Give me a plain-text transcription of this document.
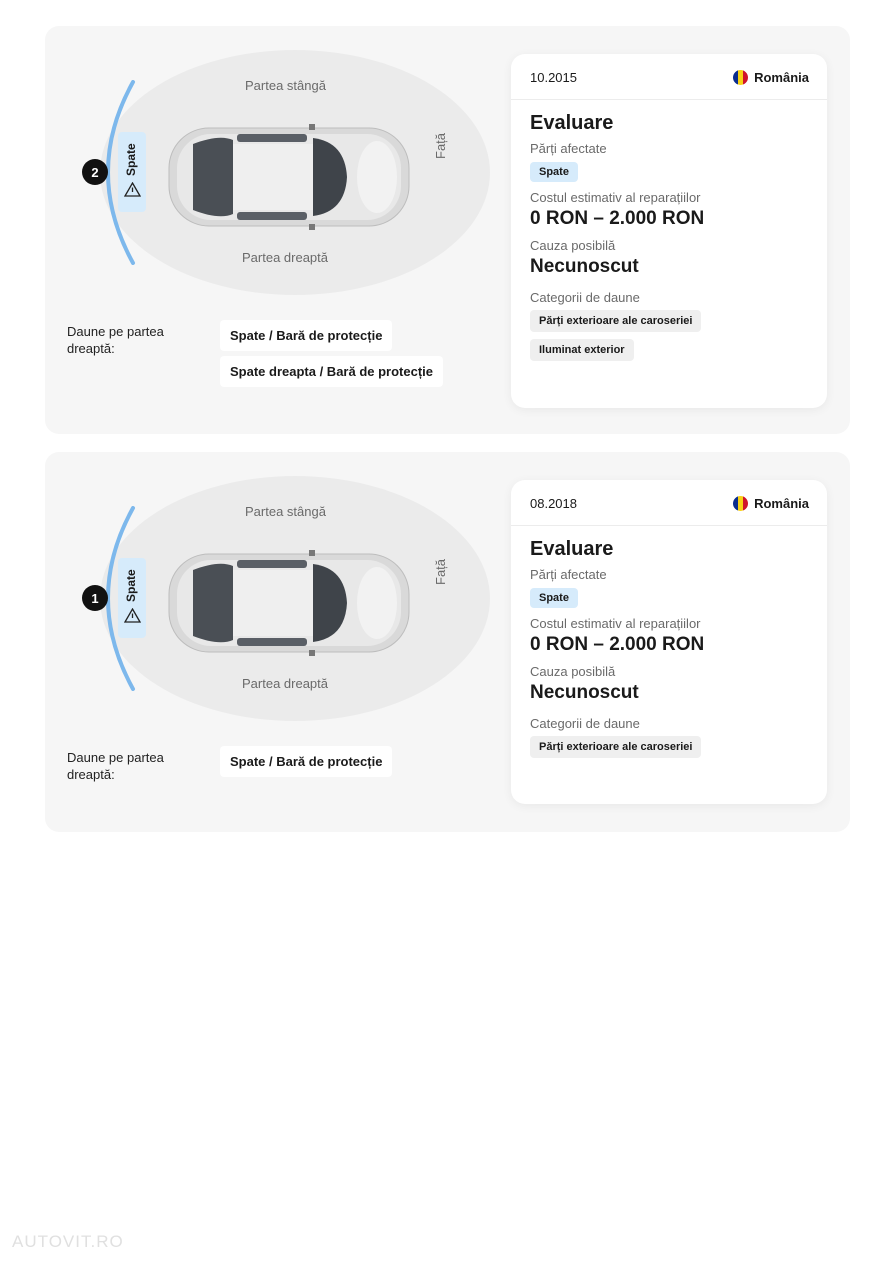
Partea stângă
Partea dreaptă
Față
Spate
2
Daune pe partea dreaptă:
Spate / Bară de protecție
Spate dreapta / Bară de protecție
10.2015	România
Evaluare
Părți afectate
Spate
Costul estimativ al reparațiilor
0 RON – 2.000 RON
Cauza posibilă
Necunoscut
Categorii de daune
Părți exterioare ale caroseriei
Iluminat exterior
Partea stângă
Partea dreaptă
Față
Spate
1
Daune pe partea dreaptă:
Spate / Bară de protecție
08.2018	România
Evaluare
Părți afectate
Spate
Costul estimativ al reparațiilor
0 RON – 2.000 RON
Cauza posibilă
Necunoscut
Categorii de daune
Părți exterioare ale caroseriei
AUTOVIT.RO
